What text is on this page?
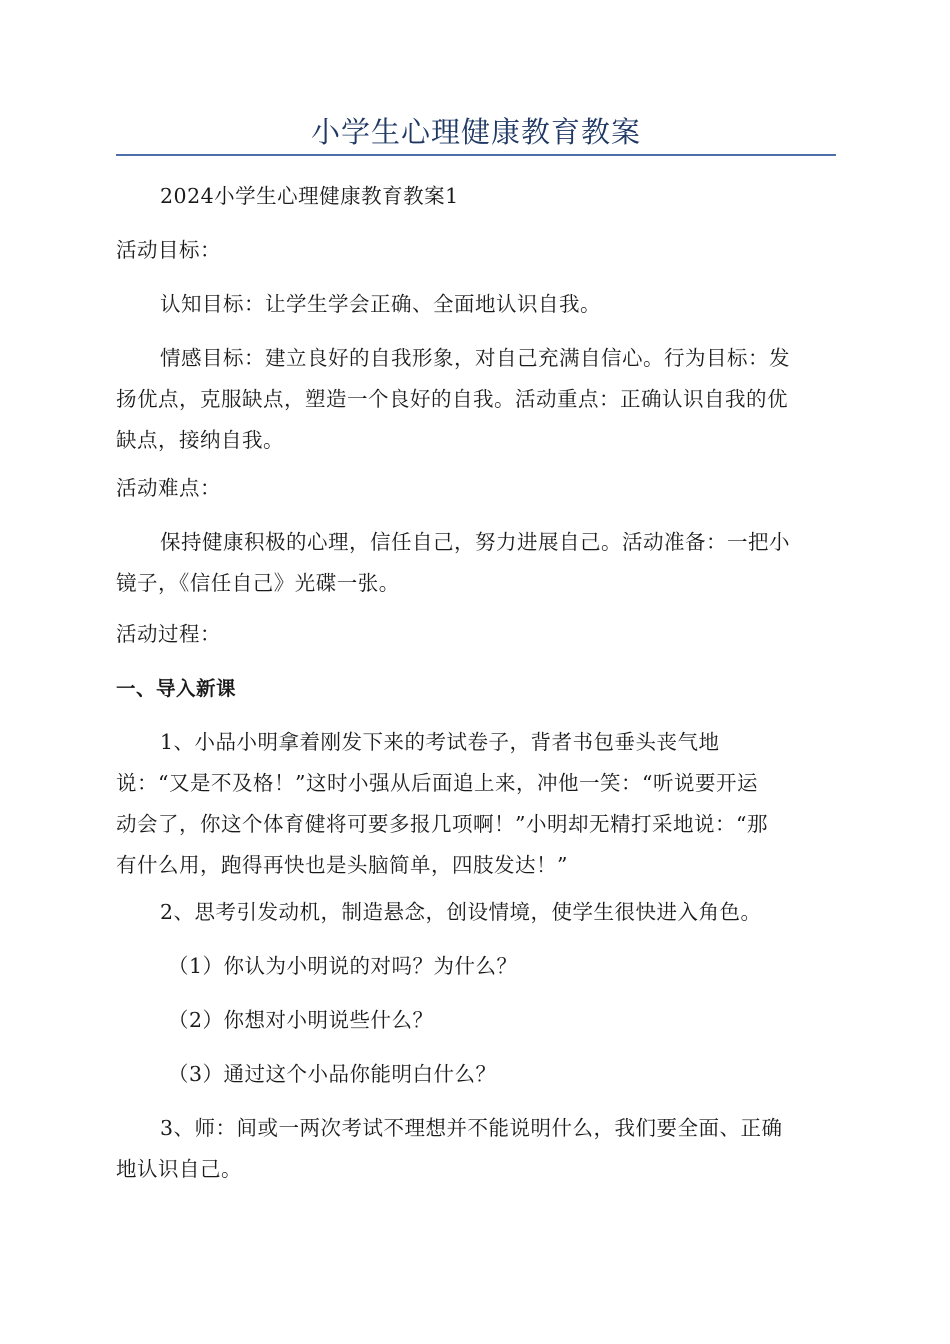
小学生心理健康教育教案

2024小学生心理健康教育教案1

活动目标：

认知目标：让学生学会正确、全面地认识自我。

情感目标：建立良好的自我形象，对自己充满自信心。行为目标：发
扬优点，克服缺点，塑造一个良好的自我。活动重点：正确认识自我的优
缺点，接纳自我。

活动难点：

保持健康积极的心理，信任自己，努力进展自己。活动准备：一把小
镜子，《信任自己》光碟一张。

活动过程：

一、导入新课

1、小品小明拿着刚发下来的考试卷子，背者书包垂头丧气地
说：“又是不及格！”这时小强从后面追上来，冲他一笑：“听说要开运
动会了，你这个体育健将可要多报几项啊！”小明却无精打采地说：“那
有什么用，跑得再快也是头脑简单，四肢发达！”

2、思考引发动机，制造悬念，创设情境，使学生很快进入角色。

（1）你认为小明说的对吗？为什么？

（2）你想对小明说些什么？

（3）通过这个小品你能明白什么？

3、师：间或一两次考试不理想并不能说明什么，我们要全面、正确
地认识自己。
